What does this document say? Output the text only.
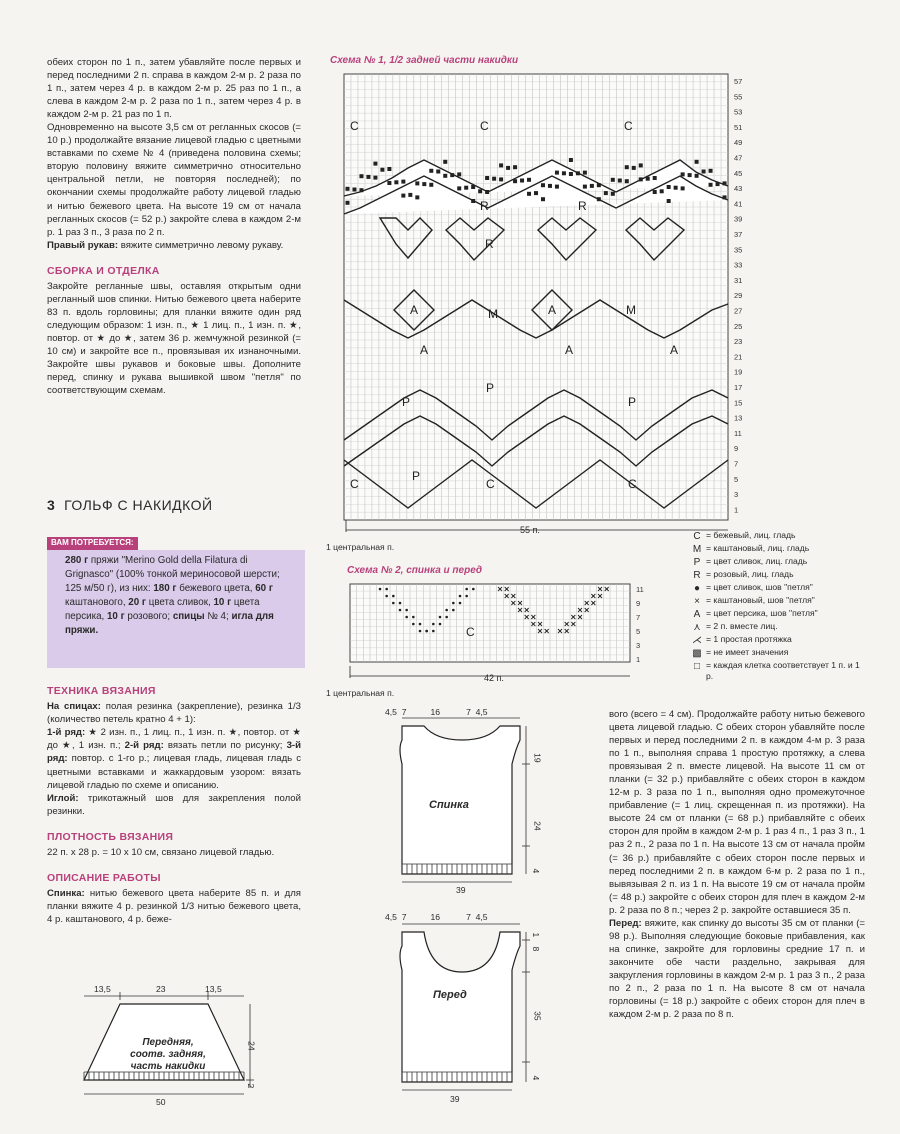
обеих сторон по 1 п., затем убавляйте после первых и перед последними 2 п. справа в каждом 2-м р. 2 раза по 1 п., затем через 4 р. в каждом 2-м р. 25 раз по 1 п., а слева в каждом 2-м р. 2 раза по 1 п., затем через 4 р. в каждом 2-м р. 21 раз по 1 п.

Одновременно на высоте 3,5 см от регланных скосов (= 10 р.) продолжайте вязание лицевой гладью с цветными вставками по схеме № 4 (приведена половина схемы; вторую половину вяжите симметрично относительно центральной петли, не повторяя последней); по окончании схемы продолжайте работу лицевой гладью и нитью бежевого цвета. На высоте 19 см от начала регланных скосов (= 52 р.) закройте слева в каждом 2-м р. 1 раз 3 п., 3 раза по 2 п.

Правый рукав: вяжите симметрично левому рукаву.

СБОРКА И ОТДЕЛКА

Закройте регланные швы, оставляя открытым одни регланный шов спинки. Нитью бежевого цвета наберите 83 п. вдоль горловины; для планки вяжите один ряд следующим образом: 1 изн. п., ★ 1 лиц. п., 1 изн. п. ★, повтор. от ★ до ★, затем 36 р. жемчужной резинкой (= 10 см) и закройте все п., провязывая их изнаночными. Закройте швы рукавов и боковые швы. Дополните перед, спинку и рукава вышивкой швом "петля" по соответствующим схемам.

3 ГОЛЬФ С НАКИДКОЙ
ВАМ ПОТРЕБУЕТСЯ:
280 г пряжи "Merino Gold della Filatura di Grignasco" (100% тонкой мериносовой шерсти; 125 м/50 г), из них: 180 г бежевого цвета, 60 г каштанового, 20 г цвета сливок, 10 г цвета персика, 10 г розового; спицы № 4; игла для пряжи.
ТЕХНИКА ВЯЗАНИЯ

На спицах: полая резинка (закрепление), резинка 1/3 (количество петель кратно 4 + 1):

1-й ряд: ★ 2 изн. п., 1 лиц. п., 1 изн. п. ★, повтор. от ★ до ★, 1 изн. п.; 2-й ряд: вязать петли по рисунку; 3-й ряд: повтор. с 1-го р.; лицевая гладь, лицевая гладь с цветными вставками и жаккардовым узором: вязать лицевой гладью по схеме и описанию.

Иглой: трикотажный шов для закрепления полой резинки.

ПЛОТНОСТЬ ВЯЗАНИЯ

22 п. x 28 р. = 10 x 10 см, связано лицевой гладью.

ОПИСАНИЕ РАБОТЫ

Спинка: нитью бежевого цвета наберите 85 п. и для планки вяжите 4 р. резинкой 1/3 нитью бежевого цвета, 4 р. каштанового, 4 р. беже-

Схема № 1, 1/2 задней части накидки
C	C	C
R	R
R
M
A	A	M
A	A	A
P
P	P
C
P
C	C
57
55
53
51
49
47
45
43
41
39
37
35
33
31
29
27
25
23
21
19
17
15
13
11
9
7
5
3
1
55 п.
1 центральная п.
C = бежевый, лиц. гладь
M = каштановый, лиц. гладь
P = цвет сливок, лиц. гладь
R = розовый, лиц. гладь
● = цвет сливок, шов "петля"
× = каштановый, шов "петля"
A = цвет персика, шов "петля"
⋏ = 2 п. вместе лиц.
⋌ = 1 простая протяжка
▩ = не имеет значения
□ = каждая клетка соответствует 1 п. и 1 р.
Схема № 2, спинка и перед
11
9
7
5
3
1
C
42 п.
1 центральная п.
4,5 7	16	7 4,5
Спинка
19
24
4
39
4,5 7	16	7 4,5
Перед
1
8
35
4
39
13,5	23	13,5
24
2
Передняя,
соотв. задняя,
часть накидки
50

вого (всего = 4 см). Продолжайте работу нитью бежевого цвета лицевой гладью. С обеих сторон убавляйте после первых и перед последними 2 п. в каждом 4-м р. 3 раза по 1 п., выполняя справа 1 простую протяжку, а слева провязывая 2 п. вместе лицевой. На высоте 11 см от планки (= 32 р.) прибавляйте с обеих сторон в каждом 12-м р. 3 раза по 1 п., выполняя одно промежуточное прибавление (= 1 лиц. скрещенная п. из протяжки). На высоте 24 см от планки (= 68 р.) прибавляйте с обеих сторон для пройм в каждом 2-м р. 1 раз 4 п., 1 раз 3 п., 1 раз 2 п., 2 раза по 1 п. На высоте 13 см от начала пройм (= 36 р.) прибавляйте с обеих сторон после первых и перед последними 2 п. в каждом 6-м р. 2 раза по 1 п., вывязывая 2 п. из 1 п. На высоте 19 см от начала пройм (= 48 р.) закройте с обеих сторон для плеч в каждом 2-м р. 2 раза по 8 п.; через 2 р. закройте оставшиеся 35 п.

Перед: вяжите, как спинку до высоты 35 см от планки (= 98 р.). Выполняя следующие боковые прибавления, как на спинке, закройте для горловины средние 17 п. и закончите обе части раздельно, закрывая для закругления горловины в каждом 2-м р. 1 раз 3 п., 2 раза по 2 п., 2 раза по 1 п. На высоте 8 см от начала горловины (= 18 р.) закройте с обеих сторон для плеч в каждом 2-м р. 2 раза по 8 п.
